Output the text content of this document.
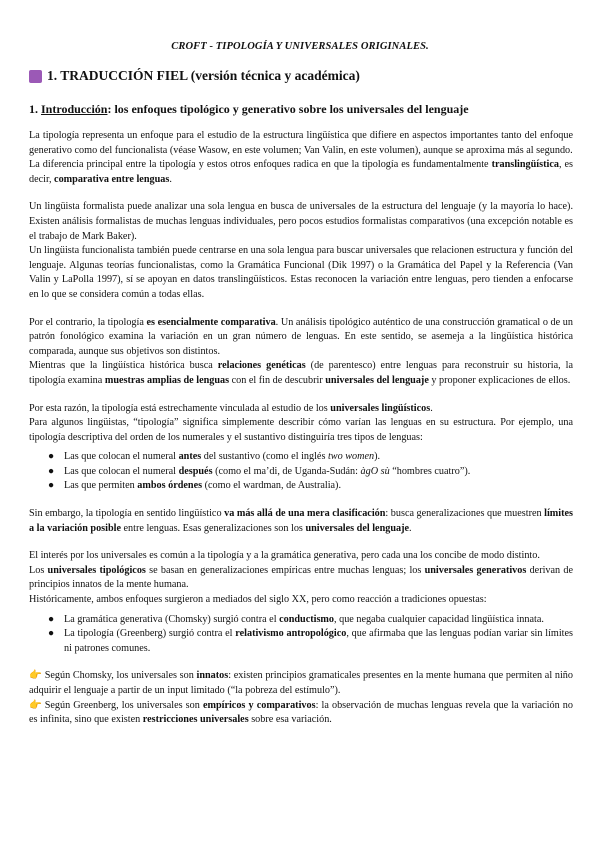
CROFT - TIPOLOGÍA Y UNIVERSALES ORIGINALES.
1. TRADUCCIÓN FIEL (versión técnica y académica)
1. Introducción: los enfoques tipológico y generativo sobre los universales del lenguaje

La tipología representa un enfoque para el estudio de la estructura lingüística que difiere en aspectos importantes tanto del enfoque generativo como del funcionalista (véase Wasow, en este volumen; Van Valin, en este volumen), aunque se aproxima más al segundo.

La diferencia principal entre la tipología y estos otros enfoques radica en que la tipología es fundamentalmente translingüística, es decir, comparativa entre lenguas.

Un lingüista formalista puede analizar una sola lengua en busca de universales de la estructura del lenguaje (y la mayoría lo hace). Existen análisis formalistas de muchas lenguas individuales, pero pocos estudios formalistas comparativos (una excepción notable es el trabajo de Mark Baker).

Un lingüista funcionalista también puede centrarse en una sola lengua para buscar universales que relacionen estructura y función del lenguaje. Algunas teorías funcionalistas, como la Gramática Funcional (Dik 1997) o la Gramática del Papel y la Referencia (Van Valin y LaPolla 1997), sí se apoyan en datos translingüísticos. Estas reconocen la variación entre lenguas, pero tienden a enfocarse en lo que se considera común a todas ellas.

Por el contrario, la tipología es esencialmente comparativa. Un análisis tipológico auténtico de una construcción gramatical o de un patrón fonológico examina la variación en un gran número de lenguas. En este sentido, se asemeja a la lingüística histórica comparada, aunque sus objetivos son distintos.

Mientras que la lingüística histórica busca relaciones genéticas (de parentesco) entre lenguas para reconstruir su historia, la tipología examina muestras amplias de lenguas con el fin de descubrir universales del lenguaje y proponer explicaciones de ellos.

Por esta razón, la tipología está estrechamente vinculada al estudio de los universales lingüísticos.

Para algunos lingüistas, “tipología” significa simplemente describir cómo varían las lenguas en su estructura. Por ejemplo, una tipología descriptiva del orden de los numerales y el sustantivo distinguiría tres tipos de lenguas:

● Las que colocan el numeral antes del sustantivo (como el inglés two women).
● Las que colocan el numeral después (como el ma’di, de Uganda-Sudán: àgO sù “hombres cuatro”).
● Las que permiten ambos órdenes (como el wardman, de Australia).

Sin embargo, la tipología en sentido lingüístico va más allá de una mera clasificación: busca generalizaciones que muestren límites a la variación posible entre lenguas. Esas generalizaciones son los universales del lenguaje.

El interés por los universales es común a la tipología y a la gramática generativa, pero cada una los concibe de modo distinto.

Los universales tipológicos se basan en generalizaciones empíricas entre muchas lenguas; los universales generativos derivan de principios innatos de la mente humana.

Históricamente, ambos enfoques surgieron a mediados del siglo XX, pero como reacción a tradiciones opuestas:

● La gramática generativa (Chomsky) surgió contra el conductismo, que negaba cualquier capacidad lingüística innata.
● La tipología (Greenberg) surgió contra el relativismo antropológico, que afirmaba que las lenguas podían variar sin límites ni patrones comunes.

👉 Según Chomsky, los universales son innatos: existen principios gramaticales presentes en la mente humana que permiten al niño adquirir el lenguaje a partir de un input limitado (“la pobreza del estímulo”).

👉 Según Greenberg, los universales son empíricos y comparativos: la observación de muchas lenguas revela que la variación no es infinita, sino que existen restricciones universales sobre esa variación.
